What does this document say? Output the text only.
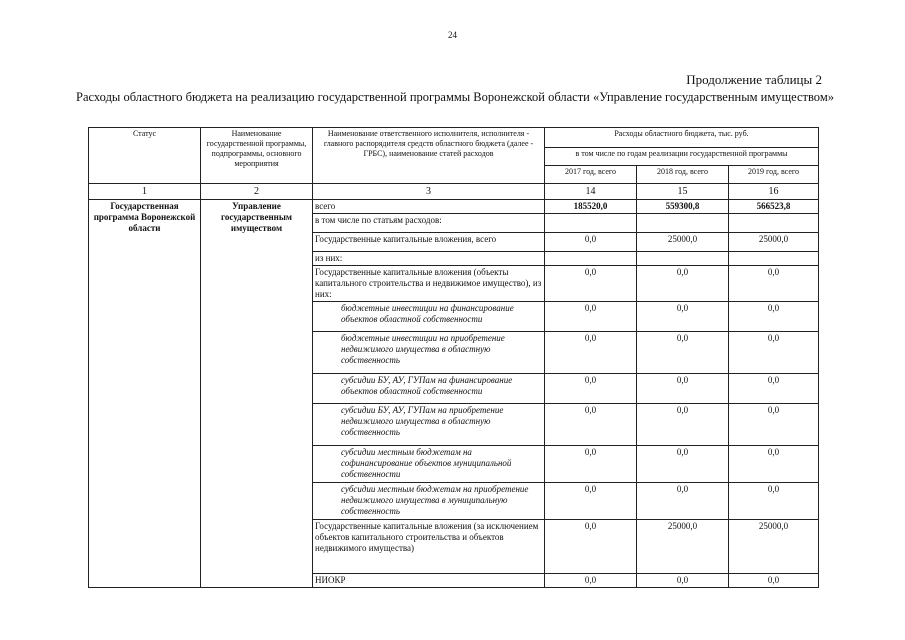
24
Продолжение таблицы 2
Расходы областного бюджета на реализацию государственной программы Воронежской области «Управление государственным имуществом»
Статус	Наименование государственной программы, подпрограммы, основного мероприятия	Наименование ответственного исполнителя, исполнителя - главного распорядителя средств областного бюджета (далее - ГРБС), наименование статей расходов	Расходы областного бюджета, тыс. руб.		
			в том числе по годам реализации государственной программы		
			2017 год, всего	2018 год, всего	2019 год, всего
1	2	3	14	15	16
Государственная программа Воронежской области	Управление государственным имуществом	всего	185520,0	559300,8	566523,8
		в том числе по статьям расходов:			
		Государственные капитальные вложения, всего	0,0	25000,0	25000,0
		из них:			
		Государственные капитальные вложения (объекты капитального строительства и недвижимое имущество), из них:	0,0	0,0	0,0
		бюджетные инвестиции на финансирование объектов областной собственности	0,0	0,0	0,0
		бюджетные инвестиции на приобретение недвижимого имущества в областную собственность	0,0	0,0	0,0
		субсидии БУ, АУ, ГУПам на финансирование объектов областной собственности	0,0	0,0	0,0
		субсидии БУ, АУ, ГУПам на приобретение недвижимого имущества в областную собственность	0,0	0,0	0,0
		субсидии местным бюджетам на софинансирование объектов муниципальной собственности	0,0	0,0	0,0
		субсидии местным бюджетам на приобретение недвижимого имущества в муниципальную собственность	0,0	0,0	0,0
		Государственные капитальные вложения (за исключением объектов капитального строительства и объектов недвижимого имущества)	0,0	25000,0	25000,0
		НИОКР	0,0	0,0	0,0
